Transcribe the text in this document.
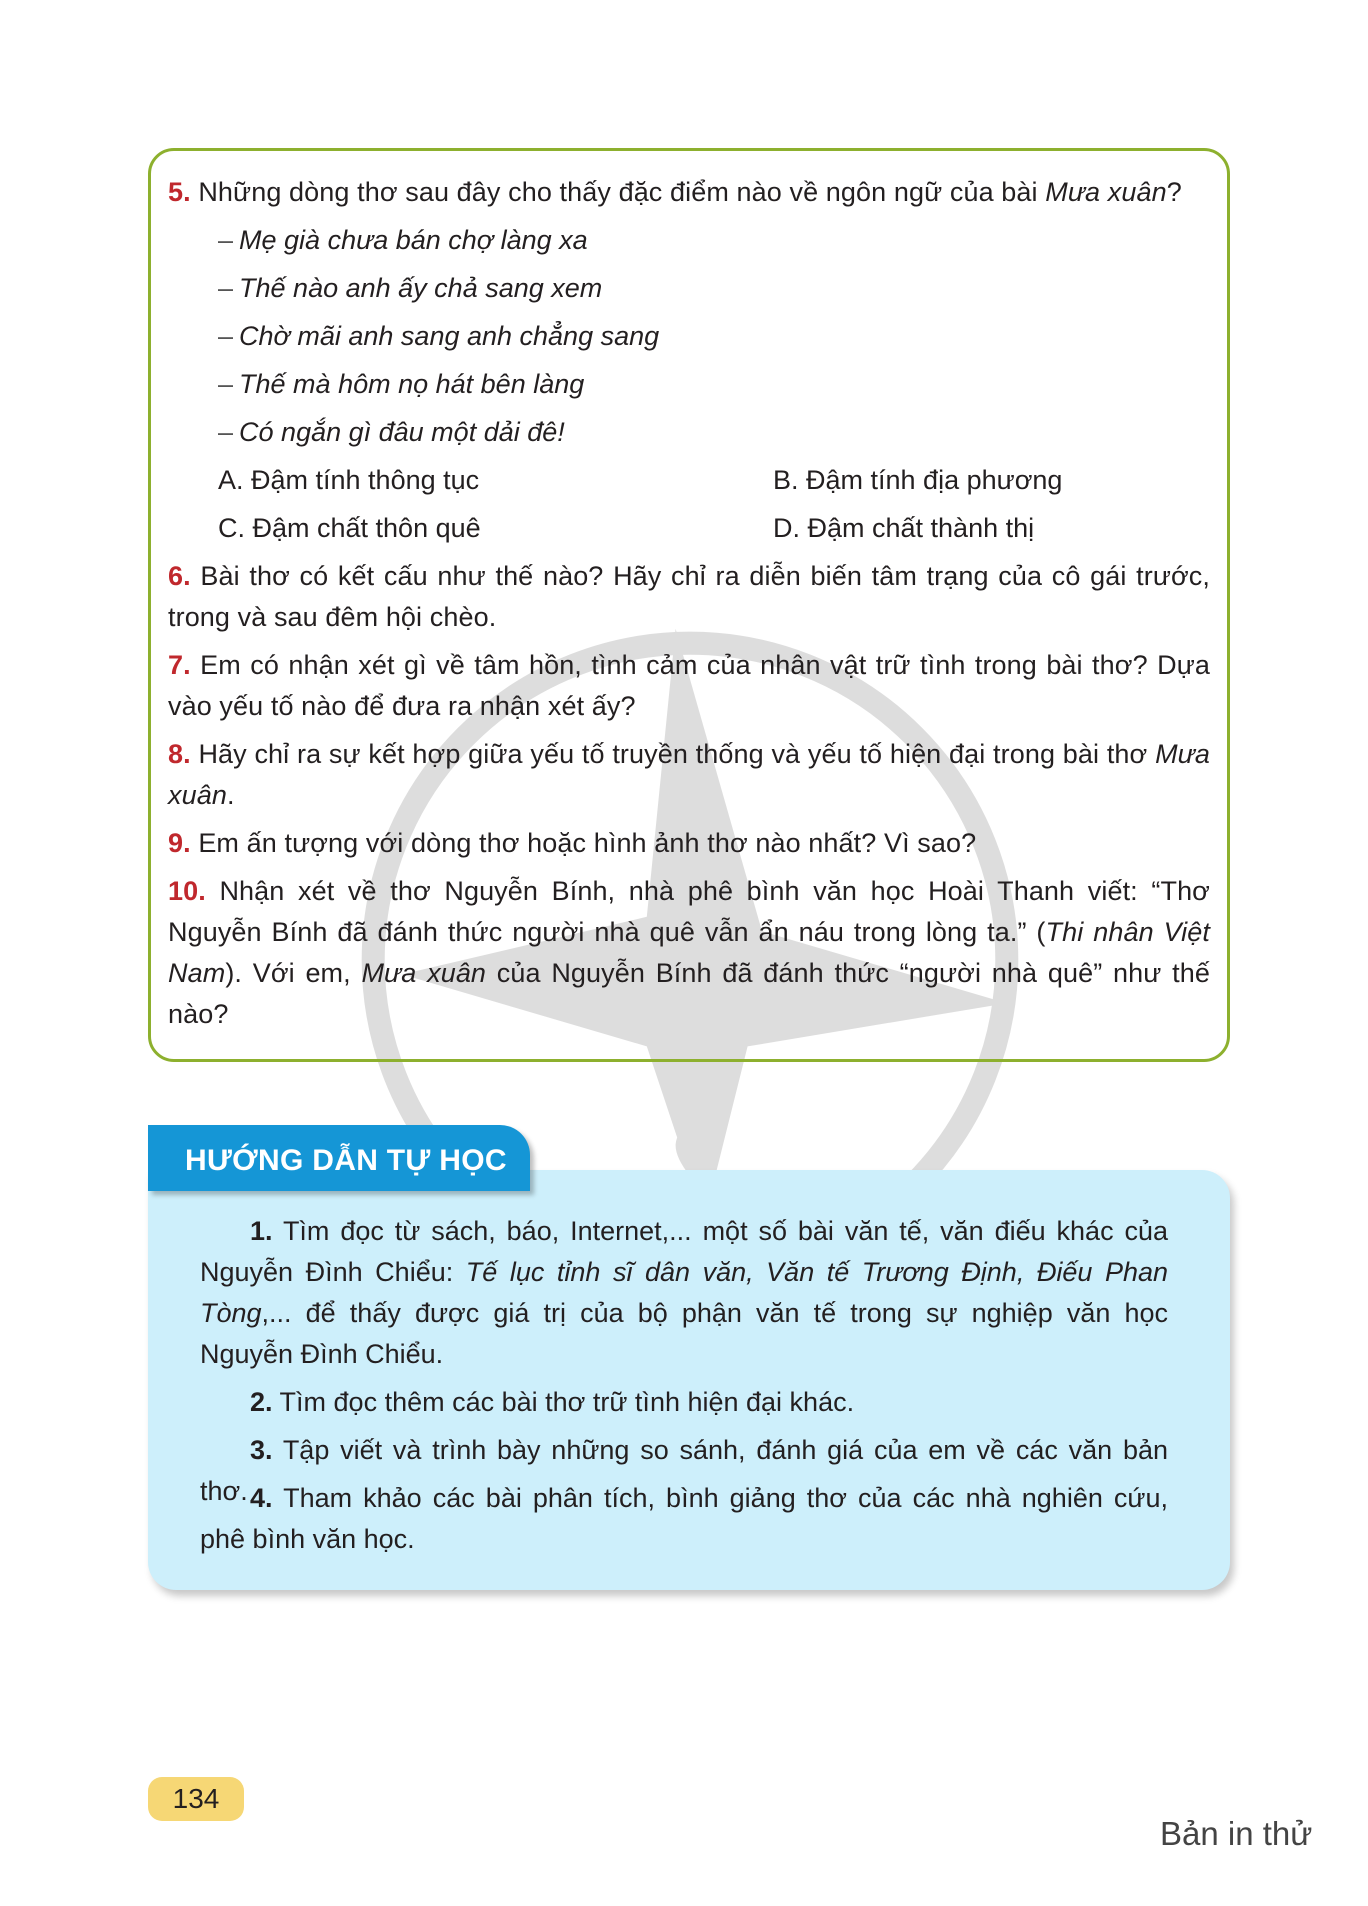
5. Những dòng thơ sau đây cho thấy đặc điểm nào về ngôn ngữ của bài Mưa xuân?
– Mẹ già chưa bán chợ làng xa
– Thế nào anh ấy chả sang xem
– Chờ mãi anh sang anh chẳng sang
– Thế mà hôm nọ hát bên làng
– Có ngắn gì đâu một dải đê!
A. Đậm tính thông tục	B. Đậm tính địa phương
C. Đậm chất thôn quê	D. Đậm chất thành thị
6. Bài thơ có kết cấu như thế nào? Hãy chỉ ra diễn biến tâm trạng của cô gái trước, trong và sau đêm hội chèo.
7. Em có nhận xét gì về tâm hồn, tình cảm của nhân vật trữ tình trong bài thơ? Dựa vào yếu tố nào để đưa ra nhận xét ấy?
8. Hãy chỉ ra sự kết hợp giữa yếu tố truyền thống và yếu tố hiện đại trong bài thơ Mưa xuân.
9. Em ấn tượng với dòng thơ hoặc hình ảnh thơ nào nhất? Vì sao?
10. Nhận xét về thơ Nguyễn Bính, nhà phê bình văn học Hoài Thanh viết: “Thơ Nguyễn Bính đã đánh thức người nhà quê vẫn ẩn náu trong lòng ta.” (Thi nhân Việt Nam). Với em, Mưa xuân của Nguyễn Bính đã đánh thức “người nhà quê” như thế nào?
HƯỚNG DẪN TỰ HỌC
1. Tìm đọc từ sách, báo, Internet,... một số bài văn tế, văn điếu khác của Nguyễn Đình Chiểu: Tế lục tỉnh sĩ dân văn, Văn tế Trương Định, Điếu Phan Tòng,... để thấy được giá trị của bộ phận văn tế trong sự nghiệp văn học Nguyễn Đình Chiểu.
2. Tìm đọc thêm các bài thơ trữ tình hiện đại khác.
3. Tập viết và trình bày những so sánh, đánh giá của em về các văn bản thơ. 4. Tham khảo các bài phân tích, bình giảng thơ của các nhà nghiên cứu, phê bình văn học.
134
Bản in thử
